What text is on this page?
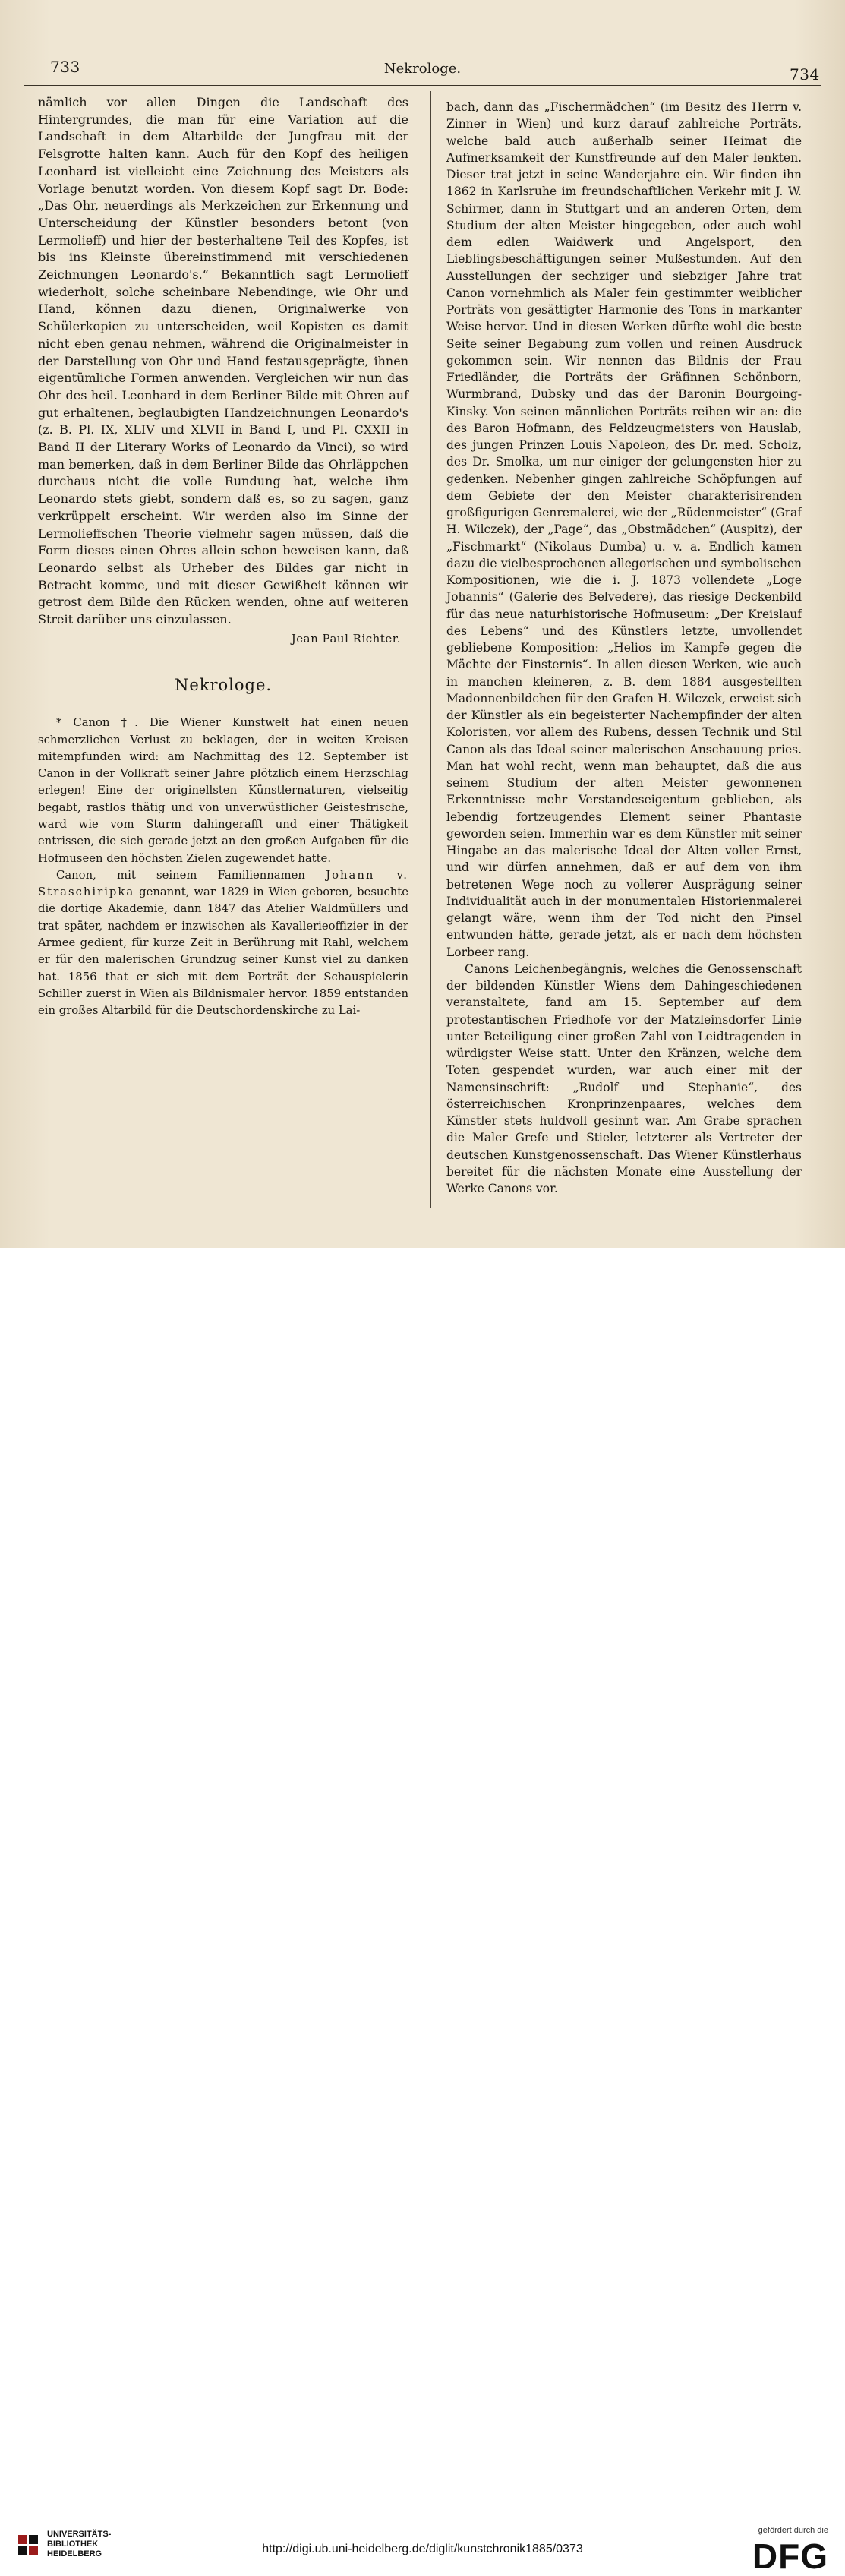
733	Nekrologe.	734

nämlich vor allen Dingen die Landschaft des Hintergrundes, die man für eine Variation auf die Landschaft in dem Altarbilde der Jungfrau mit der Felsgrotte halten kann. Auch für den Kopf des heiligen Leonhard ist vielleicht eine Zeichnung des Meisters als Vorlage benutzt worden. Von diesem Kopf sagt Dr. Bode: „Das Ohr, neuerdings als Merkzeichen zur Erkennung und Unterscheidung der Künstler besonders betont (von Lermolieff) und hier der besterhaltene Teil des Kopfes, ist bis ins Kleinste übereinstimmend mit verschiedenen Zeichnungen Leonardo's.“ Bekanntlich sagt Lermolieff wiederholt, solche scheinbare Nebendinge, wie Ohr und Hand, können dazu dienen, Originalwerke von Schülerkopien zu unterscheiden, weil Kopisten es damit nicht eben genau nehmen, während die Originalmeister in der Darstellung von Ohr und Hand festausgeprägte, ihnen eigentümliche Formen anwenden. Vergleichen wir nun das Ohr des heil. Leonhard in dem Berliner Bilde mit Ohren auf gut erhaltenen, beglaubigten Handzeichnungen Leonardo's (z. B. Pl. IX, XLIV und XLVII in Band I, und Pl. CXXII in Band II der Literary Works of Leonardo da Vinci), so wird man bemerken, daß in dem Berliner Bilde das Ohrläppchen durchaus nicht die volle Rundung hat, welche ihm Leonardo stets giebt, sondern daß es, so zu sagen, ganz verkrüppelt erscheint. Wir werden also im Sinne der Lermolieffschen Theorie vielmehr sagen müssen, daß die Form dieses einen Ohres allein schon beweisen kann, daß Leonardo selbst als Urheber des Bildes gar nicht in Betracht komme, und mit dieser Gewißheit können wir getrost dem Bilde den Rücken wenden, ohne auf weiteren Streit darüber uns einzulassen.

Jean Paul Richter.

Nekrologe.

* Canon †. Die Wiener Kunstwelt hat einen neuen schmerzlichen Verlust zu beklagen, der in weiten Kreisen mitempfunden wird: am Nachmittag des 12. September ist Canon in der Vollkraft seiner Jahre plötzlich einem Herzschlag erlegen! Eine der originellsten Künstlernaturen, vielseitig begabt, rastlos thätig und von unverwüstlicher Geistesfrische, ward wie vom Sturm dahingerafft und einer Thätigkeit entrissen, die sich gerade jetzt an den großen Aufgaben für die Hofmuseen den höchsten Zielen zugewendet hatte.

Canon, mit seinem Familiennamen Johann v. Straschiripka genannt, war 1829 in Wien geboren, besuchte die dortige Akademie, dann 1847 das Atelier Waldmüllers und trat später, nachdem er inzwischen als Kavallerieoffizier in der Armee gedient, für kurze Zeit in Berührung mit Rahl, welchem er für den malerischen Grundzug seiner Kunst viel zu danken hat. 1856 that er sich mit dem Porträt der Schauspielerin Schiller zuerst in Wien als Bildnismaler hervor. 1859 entstanden ein großes Altarbild für die Deutschordenskirche zu Lai-

bach, dann das „Fischermädchen“ (im Besitz des Herrn v. Zinner in Wien) und kurz darauf zahlreiche Porträts, welche bald auch außerhalb seiner Heimat die Aufmerksamkeit der Kunstfreunde auf den Maler lenkten. Dieser trat jetzt in seine Wanderjahre ein. Wir finden ihn 1862 in Karlsruhe im freundschaftlichen Verkehr mit J. W. Schirmer, dann in Stuttgart und an anderen Orten, dem Studium der alten Meister hingegeben, oder auch wohl dem edlen Waidwerk und Angelsport, den Lieblingsbeschäftigungen seiner Mußestunden. Auf den Ausstellungen der sechziger und siebziger Jahre trat Canon vornehmlich als Maler fein gestimmter weiblicher Porträts von gesättigter Harmonie des Tons in markanter Weise hervor. Und in diesen Werken dürfte wohl die beste Seite seiner Begabung zum vollen und reinen Ausdruck gekommen sein. Wir nennen das Bildnis der Frau Friedländer, die Porträts der Gräfinnen Schönborn, Wurmbrand, Dubsky und das der Baronin Bourgoing-Kinsky. Von seinen männlichen Porträts reihen wir an: die des Baron Hofmann, des Feldzeugmeisters von Hauslab, des jungen Prinzen Louis Napoleon, des Dr. med. Scholz, des Dr. Smolka, um nur einiger der gelungensten hier zu gedenken. Nebenher gingen zahlreiche Schöpfungen auf dem Gebiete der den Meister charakterisirenden großfigurigen Genremalerei, wie der „Rüdenmeister“ (Graf H. Wilczek), der „Page“, das „Obstmädchen“ (Auspitz), der „Fischmarkt“ (Nikolaus Dumba) u. v. a. Endlich kamen dazu die vielbesprochenen allegorischen und symbolischen Kompositionen, wie die i. J. 1873 vollendete „Loge Johannis“ (Galerie des Belvedere), das riesige Deckenbild für das neue naturhistorische Hofmuseum: „Der Kreislauf des Lebens“ und des Künstlers letzte, unvollendet gebliebene Komposition: „Helios im Kampfe gegen die Mächte der Finsternis“. In allen diesen Werken, wie auch in manchen kleineren, z. B. dem 1884 ausgestellten Madonnenbildchen für den Grafen H. Wilczek, erweist sich der Künstler als ein begeisterter Nachempfinder der alten Koloristen, vor allem des Rubens, dessen Technik und Stil Canon als das Ideal seiner malerischen Anschauung pries. Man hat wohl recht, wenn man behauptet, daß die aus seinem Studium der alten Meister gewonnenen Erkenntnisse mehr Verstandeseigentum geblieben, als lebendig fortzeugendes Element seiner Phantasie geworden seien. Immerhin war es dem Künstler mit seiner Hingabe an das malerische Ideal der Alten voller Ernst, und wir dürfen annehmen, daß er auf dem von ihm betretenen Wege noch zu vollerer Ausprägung seiner Individualität auch in der monumentalen Historienmalerei gelangt wäre, wenn ihm der Tod nicht den Pinsel entwunden hätte, gerade jetzt, als er nach dem höchsten Lorbeer rang.

Canons Leichenbegängnis, welches die Genossenschaft der bildenden Künstler Wiens dem Dahingeschiedenen veranstaltete, fand am 15. September auf dem protestantischen Friedhofe vor der Matzleinsdorfer Linie unter Beteiligung einer großen Zahl von Leidtragenden in würdigster Weise statt. Unter den Kränzen, welche dem Toten gespendet wurden, war auch einer mit der Namensinschrift: „Rudolf und Stephanie“, des österreichischen Kronprinzenpaares, welches dem Künstler stets huldvoll gesinnt war. Am Grabe sprachen die Maler Grefe und Stieler, letzterer als Vertreter der deutschen Kunstgenossenschaft. Das Wiener Künstlerhaus bereitet für die nächsten Monate eine Ausstellung der Werke Canons vor.

UNIVERSITÄTS-
BIBLIOTHEK
HEIDELBERG	http://digi.ub.uni-heidelberg.de/diglit/kunstchronik1885/0373
gefördert durch die
DFG
